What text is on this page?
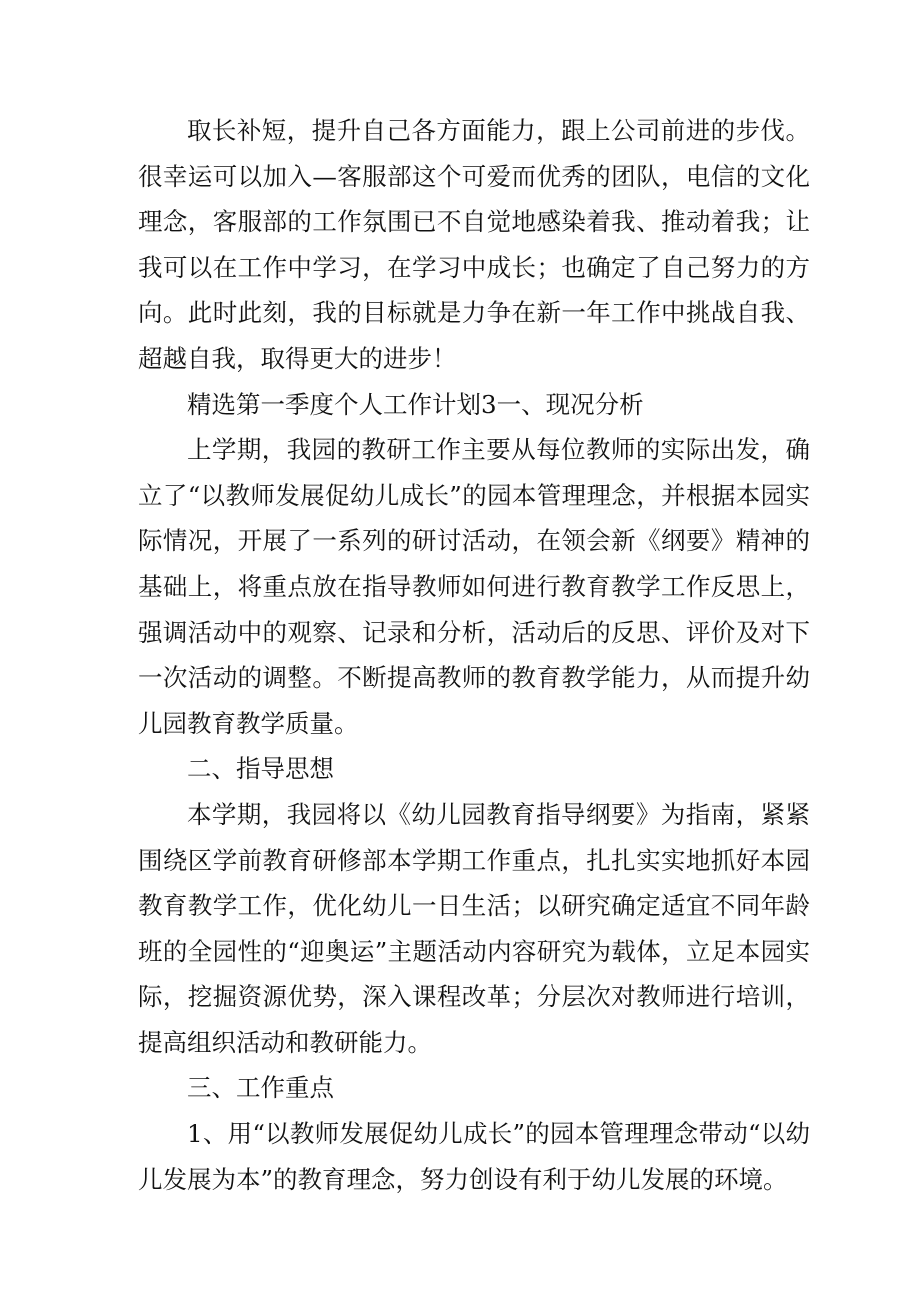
取长补短，提升自己各方面能力，跟上公司前进的步伐。很幸运可以加入—客服部这个可爱而优秀的团队，电信的文化理念，客服部的工作氛围已不自觉地感染着我、推动着我；让我可以在工作中学习，在学习中成长；也确定了自己努力的方向。此时此刻，我的目标就是力争在新一年工作中挑战自我、超越自我，取得更大的进步！

精选第一季度个人工作计划3一、现况分析

上学期，我园的教研工作主要从每位教师的实际出发，确立了“以教师发展促幼儿成长”的园本管理理念，并根据本园实际情况，开展了一系列的研讨活动，在领会新《纲要》精神的基础上，将重点放在指导教师如何进行教育教学工作反思上，强调活动中的观察、记录和分析，活动后的反思、评价及对下一次活动的调整。不断提高教师的教育教学能力，从而提升幼儿园教育教学质量。

二、指导思想

本学期，我园将以《幼儿园教育指导纲要》为指南，紧紧围绕区学前教育研修部本学期工作重点，扎扎实实地抓好本园教育教学工作，优化幼儿一日生活；以研究确定适宜不同年龄班的全园性的“迎奥运”主题活动内容研究为载体，立足本园实际，挖掘资源优势，深入课程改革；分层次对教师进行培训，提高组织活动和教研能力。

三、工作重点

1、用“以教师发展促幼儿成长”的园本管理理念带动“以幼儿发展为本”的教育理念，努力创设有利于幼儿发展的环境。
